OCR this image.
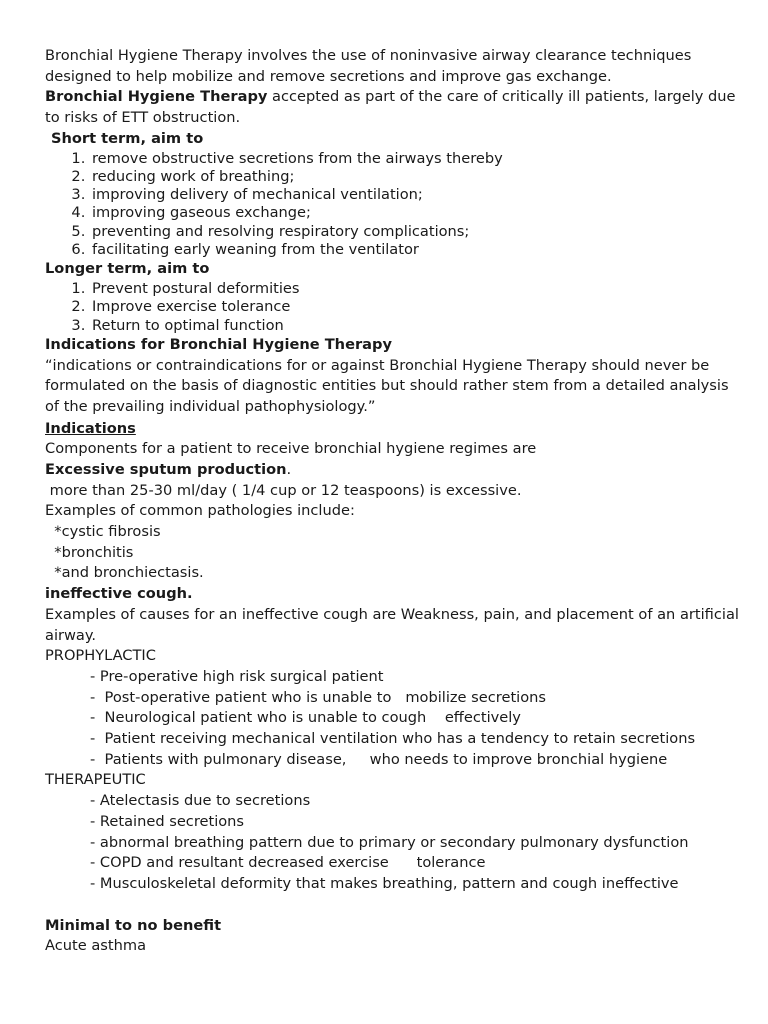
Bronchial Hygiene Therapy involves the use of noninvasive airway clearance techniques designed to help mobilize and remove secretions and improve gas exchange.

Bronchial Hygiene Therapy accepted as part of the care of critically ill patients, largely due to risks of ETT obstruction.

Short term, aim to

1. remove obstructive secretions from the airways thereby
2. reducing work of breathing;
3. improving delivery of mechanical ventilation;
4. improving gaseous exchange;
5. preventing and resolving respiratory complications;
6. facilitating early weaning from the ventilator

Longer term, aim to

1. Prevent postural deformities
2. Improve exercise tolerance
3. Return to optimal function

Indications for Bronchial Hygiene Therapy

“indications or contraindications for or against Bronchial Hygiene Therapy should never be formulated on the basis of diagnostic entities but should rather stem from a detailed analysis of the prevailing individual pathophysiology.”

Indications

Components for a patient to receive bronchial hygiene regimes are

Excessive sputum production.

more than 25-30 ml/day ( 1/4 cup or 12 teaspoons) is excessive.

Examples of common pathologies include:

*cystic fibrosis

*bronchitis

*and bronchiectasis.

ineffective cough.

Examples of causes for an ineffective cough are Weakness, pain, and placement of an artificial airway.

PROPHYLACTIC

- Pre-operative high risk surgical patient

-  Post-operative patient who is unable to   mobilize secretions

-  Neurological patient who is unable to cough    effectively

-  Patient receiving mechanical ventilation who has a tendency to retain secretions

-  Patients with pulmonary disease,     who needs to improve bronchial hygiene

THERAPEUTIC

- Atelectasis due to secretions

- Retained secretions

- abnormal breathing pattern due to primary or secondary pulmonary dysfunction

- COPD and resultant decreased exercise      tolerance

- Musculoskeletal deformity that makes breathing, pattern and cough ineffective

Minimal to no benefit

Acute asthma
